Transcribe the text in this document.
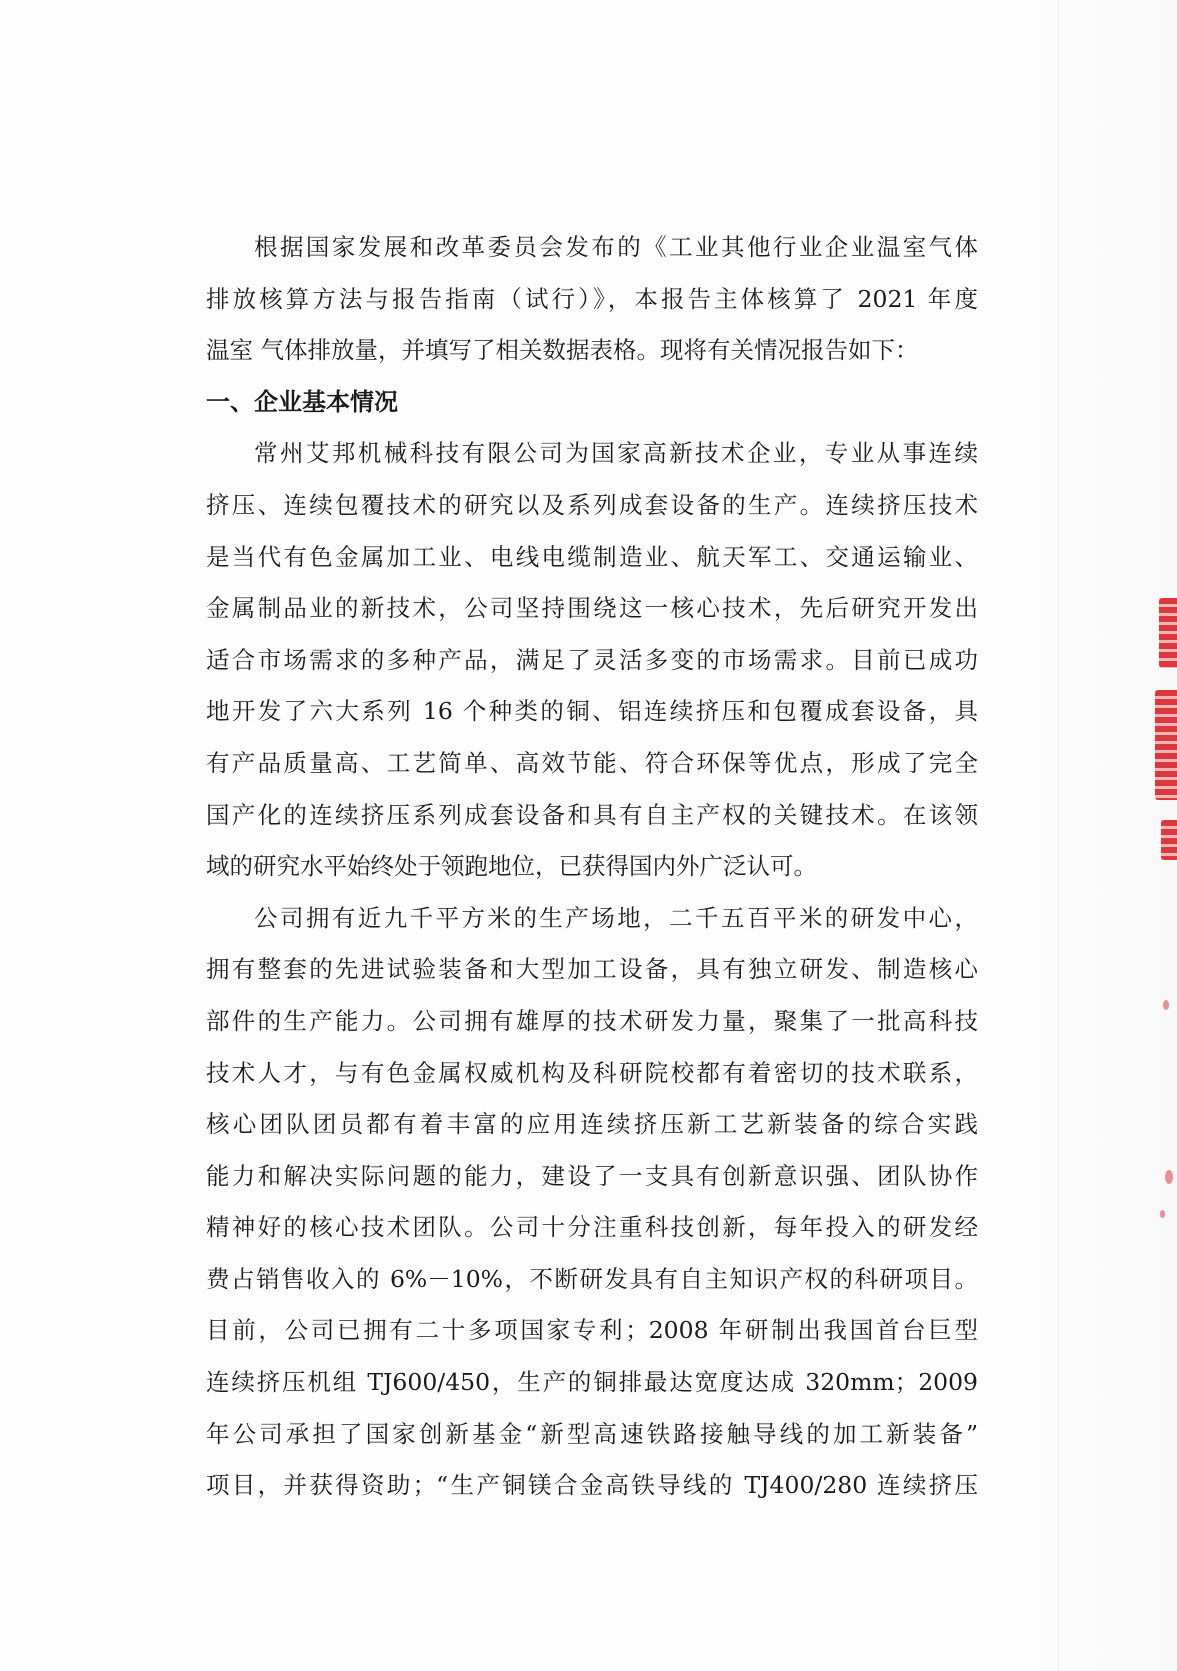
根据国家发展和改革委员会发布的《工业其他行业企业温室气体
排放核算方法与报告指南（试行）》，本报告主体核算了 2021 年度
温室 气体排放量，并填写了相关数据表格。现将有关情况报告如下：
一、企业基本情况
常州艾邦机械科技有限公司为国家高新技术企业，专业从事连续
挤压、连续包覆技术的研究以及系列成套设备的生产。连续挤压技术
是当代有色金属加工业、电线电缆制造业、航天军工、交通运输业、
金属制品业的新技术，公司坚持围绕这一核心技术，先后研究开发出
适合市场需求的多种产品，满足了灵活多变的市场需求。目前已成功
地开发了六大系列 16 个种类的铜、铝连续挤压和包覆成套设备，具
有产品质量高、工艺简单、高效节能、符合环保等优点，形成了完全
国产化的连续挤压系列成套设备和具有自主产权的关键技术。在该领
域的研究水平始终处于领跑地位，已获得国内外广泛认可。
公司拥有近九千平方米的生产场地，二千五百平米的研发中心，
拥有整套的先进试验装备和大型加工设备，具有独立研发、制造核心
部件的生产能力。公司拥有雄厚的技术研发力量，聚集了一批高科技
技术人才，与有色金属权威机构及科研院校都有着密切的技术联系，
核心团队团员都有着丰富的应用连续挤压新工艺新装备的综合实践
能力和解决实际问题的能力，建设了一支具有创新意识强、团队协作
精神好的核心技术团队。公司十分注重科技创新，每年投入的研发经
费占销售收入的 6%－10%，不断研发具有自主知识产权的科研项目。
目前，公司已拥有二十多项国家专利；2008 年研制出我国首台巨型
连续挤压机组 TJ600/450，生产的铜排最达宽度达成 320mm；2009
年公司承担了国家创新基金“新型高速铁路接触导线的加工新装备”
项目，并获得资助；“生产铜镁合金高铁导线的 TJ400/280 连续挤压
